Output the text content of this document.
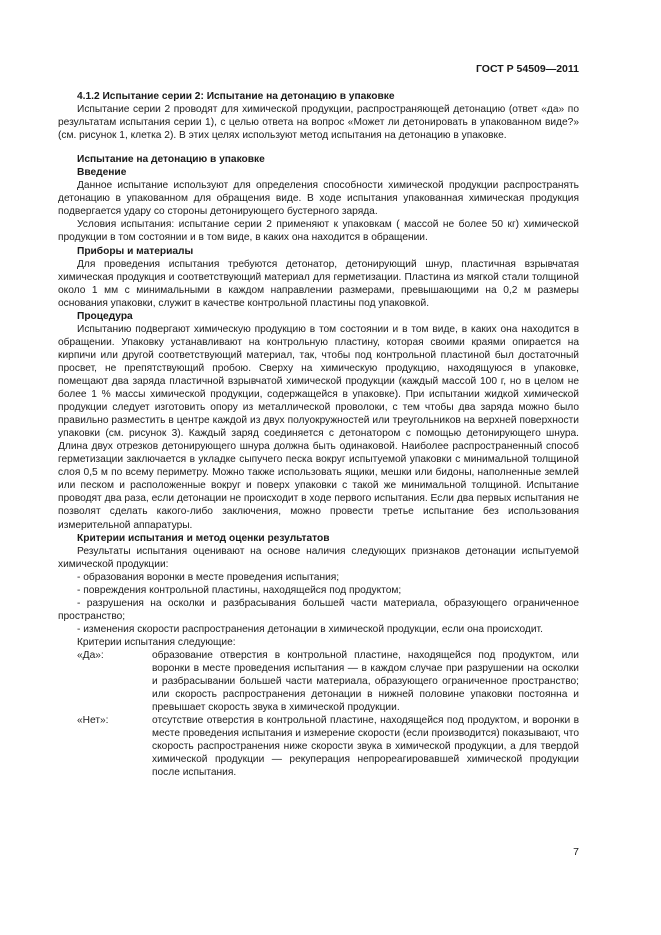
ГОСТ Р 54509—2011

4.1.2 Испытание серии 2: Испытание на детонацию в упаковке

Испытание серии 2 проводят для химической продукции, распространяющей детонацию (ответ «да» по результатам испытания серии 1), с целью ответа на вопрос «Может ли детонировать в упакованном виде?» (см. рисунок 1, клетка 2). В этих целях используют метод испытания на детонацию в упаковке.

Испытание на детонацию в упаковке

Введение

Данное испытание используют для определения способности химической продукции распространять детонацию в упакованном для обращения виде. В ходе испытания упакованная химическая продукция подвергается удару со стороны детонирующего бустерного заряда.

Условия испытания: испытание серии 2 применяют к упаковкам ( массой не более 50 кг) химической продукции в том состоянии и в том виде, в каких она находится в обращении.

Приборы и материалы

Для проведения испытания требуются детонатор, детонирующий шнур, пластичная взрывчатая химическая продукция и соответствующий материал для герметизации. Пластина из мягкой стали толщиной около 1 мм с минимальными в каждом направлении размерами, превышающими на 0,2 м размеры основания упаковки, служит в качестве контрольной пластины под упаковкой.

Процедура

Испытанию подвергают химическую продукцию в том состоянии и в том виде, в каких она находится в обращении. Упаковку устанавливают на контрольную пластину, которая своими краями опирается на кирпичи или другой соответствующий материал, так, чтобы под контрольной пластиной был достаточный просвет, не препятствующий пробою. Сверху на химическую продукцию, находящуюся в упаковке, помещают два заряда пластичной взрывчатой химической продукции (каждый массой 100 г, но в целом не более 1 % массы химической продукции, содержащейся в упаковке). При испытании жидкой химической продукции следует изготовить опору из металлической проволоки, с тем чтобы два заряда можно было правильно разместить в центре каждой из двух полуокружностей или треугольников на верхней поверхности упаковки (см. рисунок 3). Каждый заряд соединяется с детонатором с помощью детонирующего шнура. Длина двух отрезков детонирующего шнура должна быть одинаковой. Наиболее распространенный способ герметизации заключается в укладке сыпучего песка вокруг испытуемой упаковки с минимальной толщиной слоя 0,5 м по всему периметру. Можно также использовать ящики, мешки или бидоны, наполненные землей или песком и расположенные вокруг и поверх упаковки с такой же минимальной толщиной. Испытание проводят два раза, если детонации не происходит в ходе первого испытания. Если два первых испытания не позволят сделать какого-либо заключения, можно провести третье испытание без использования измерительной аппаратуры.

Критерии испытания и метод оценки результатов

Результаты испытания оценивают на основе наличия следующих признаков детонации испытуемой химической продукции:

- образования воронки в месте проведения испытания;

- повреждения контрольной пластины, находящейся под продуктом;

- разрушения на осколки и разбрасывания большей части материала, образующего ограниченное пространство;

- изменения скорости распространения детонации в химической продукции, если она происходит.

Критерии испытания следующие:

«Да»:	образование отверстия в контрольной пластине, находящейся под продуктом, или воронки в месте проведения испытания — в каждом случае при разрушении на осколки и разбрасывании большей части материала, образующего ограниченное пространство; или скорость распространения детонации в нижней половине упаковки постоянна и превышает скорость звука в химической продукции.
«Нет»:	отсутствие отверстия в контрольной пластине, находящейся под продуктом, и воронки в месте проведения испытания и измерение скорости (если производится) показывают, что скорость распространения ниже скорости звука в химической продукции, а для твердой химической продукции — рекуперация непрореагировавшей химической продукции после испытания.
7
